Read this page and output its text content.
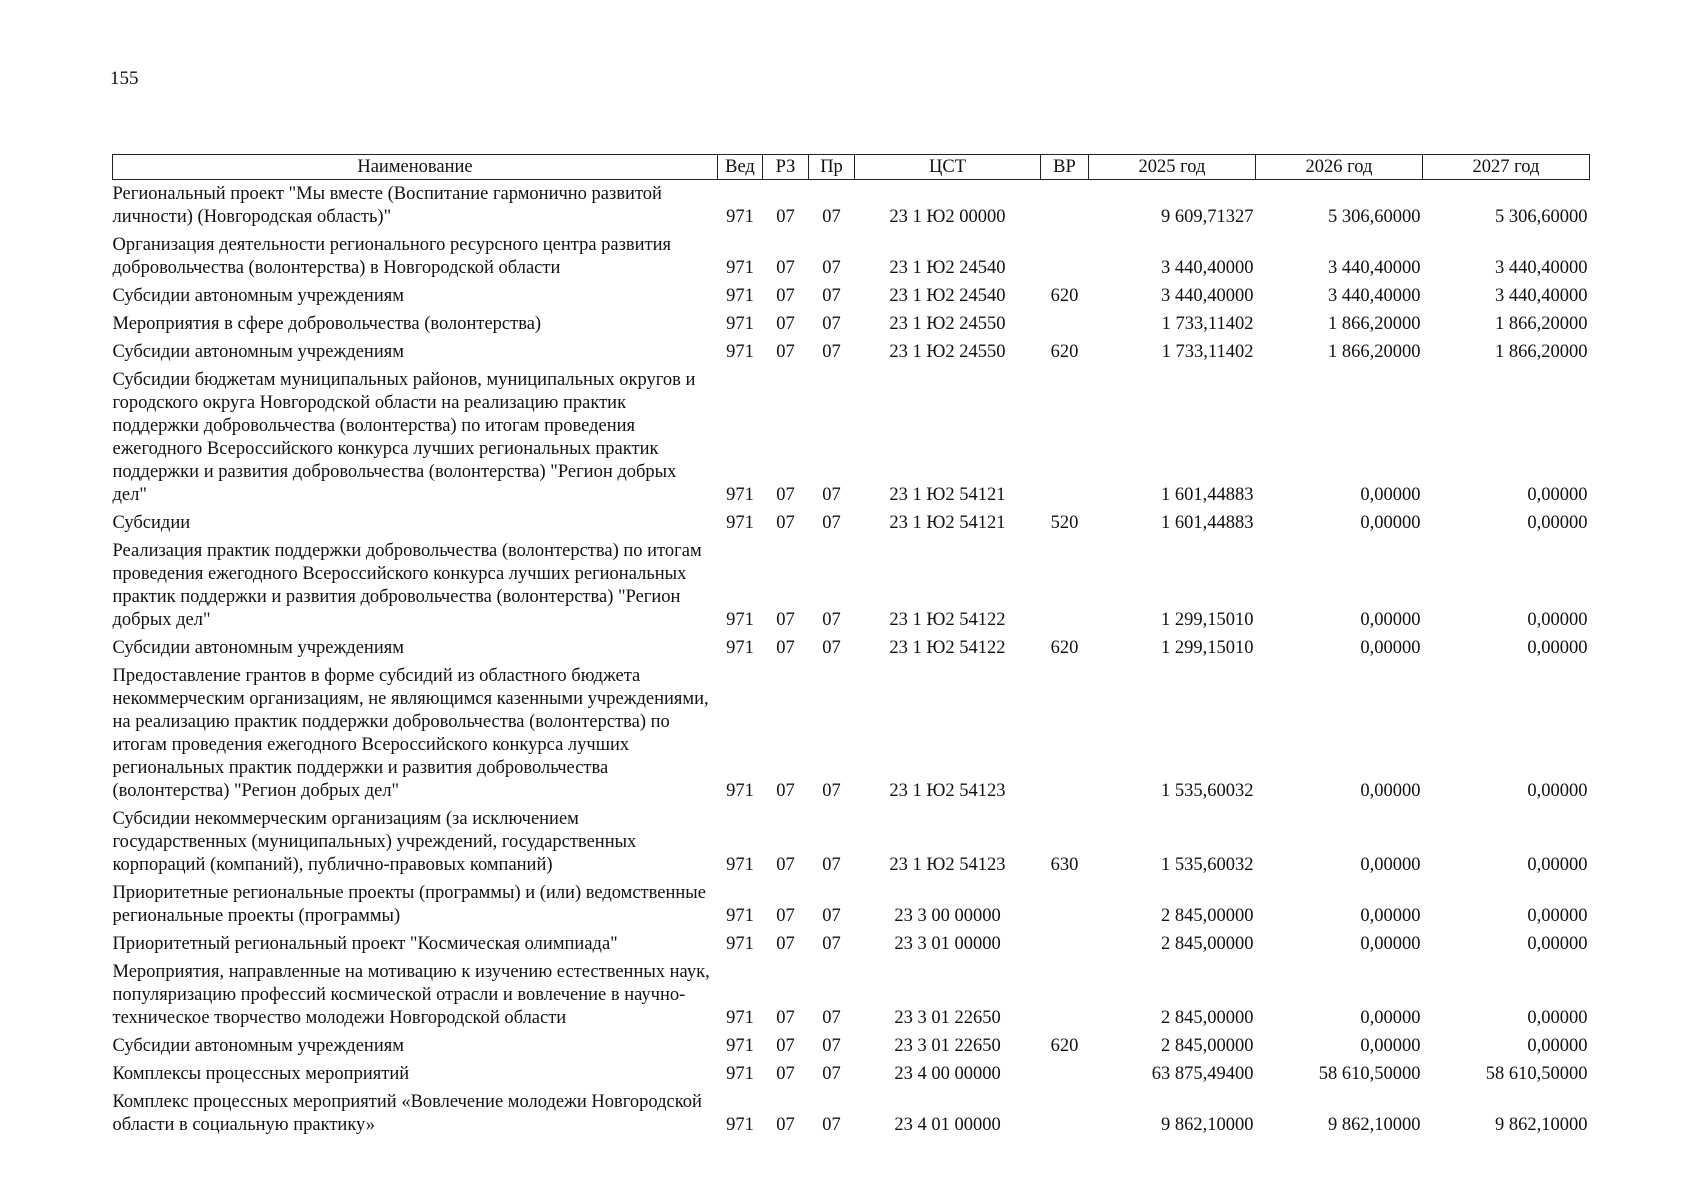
155
Наименование	Вед	РЗ	Пр	ЦСТ	ВР	2025 год	2026 год	2027 год
Региональный проект "Мы вместе (Воспитание гармонично развитой личности) (Новгородская область)"	971	07	07	23 1 Ю2 00000		9 609,71327	5 306,60000	5 306,60000
Организация деятельности регионального ресурсного центра развития добровольчества (волонтерства) в Новгородской области	971	07	07	23 1 Ю2 24540		3 440,40000	3 440,40000	3 440,40000
Субсидии автономным учреждениям	971	07	07	23 1 Ю2 24540	620	3 440,40000	3 440,40000	3 440,40000
Мероприятия в сфере добровольчества (волонтерства)	971	07	07	23 1 Ю2 24550		1 733,11402	1 866,20000	1 866,20000
Субсидии автономным учреждениям	971	07	07	23 1 Ю2 24550	620	1 733,11402	1 866,20000	1 866,20000
Субсидии бюджетам муниципальных районов, муниципальных округов и городского округа Новгородской области на реализацию практик поддержки добровольчества (волонтерства) по итогам проведения ежегодного Всероссийского конкурса лучших региональных практик поддержки и развития добровольчества (волонтерства) "Регион добрых дел"	971	07	07	23 1 Ю2 54121		1 601,44883	0,00000	0,00000
Субсидии	971	07	07	23 1 Ю2 54121	520	1 601,44883	0,00000	0,00000
Реализация практик поддержки добровольчества (волонтерства) по итогам проведения ежегодного Всероссийского конкурса лучших региональных практик поддержки и развития добровольчества (волонтерства) "Регион добрых дел"	971	07	07	23 1 Ю2 54122		1 299,15010	0,00000	0,00000
Субсидии автономным учреждениям	971	07	07	23 1 Ю2 54122	620	1 299,15010	0,00000	0,00000
Предоставление грантов в форме субсидий из областного бюджета некоммерческим организациям, не являющимся казенными учреждениями, на реализацию практик поддержки добровольчества (волонтерства) по итогам проведения ежегодного Всероссийского конкурса лучших региональных практик поддержки и развития добровольчества (волонтерства) "Регион добрых дел"	971	07	07	23 1 Ю2 54123		1 535,60032	0,00000	0,00000
Субсидии некоммерческим организациям (за исключением государственных (муниципальных) учреждений, государственных корпораций (компаний), публично-правовых компаний)	971	07	07	23 1 Ю2 54123	630	1 535,60032	0,00000	0,00000
Приоритетные региональные проекты (программы) и (или) ведомственные региональные проекты (программы)	971	07	07	23 3 00 00000		2 845,00000	0,00000	0,00000
Приоритетный региональный проект "Космическая олимпиада"	971	07	07	23 3 01 00000		2 845,00000	0,00000	0,00000
Мероприятия, направленные на мотивацию к изучению естественных наук, популяризацию профессий космической отрасли и вовлечение в научно-техническое творчество молодежи Новгородской области	971	07	07	23 3 01 22650		2 845,00000	0,00000	0,00000
Субсидии автономным учреждениям	971	07	07	23 3 01 22650	620	2 845,00000	0,00000	0,00000
Комплексы процессных мероприятий	971	07	07	23 4 00 00000		63 875,49400	58 610,50000	58 610,50000
Комплекс процессных мероприятий «Вовлечение молодежи Новгородской области в социальную практику»	971	07	07	23 4 01 00000		9 862,10000	9 862,10000	9 862,10000
